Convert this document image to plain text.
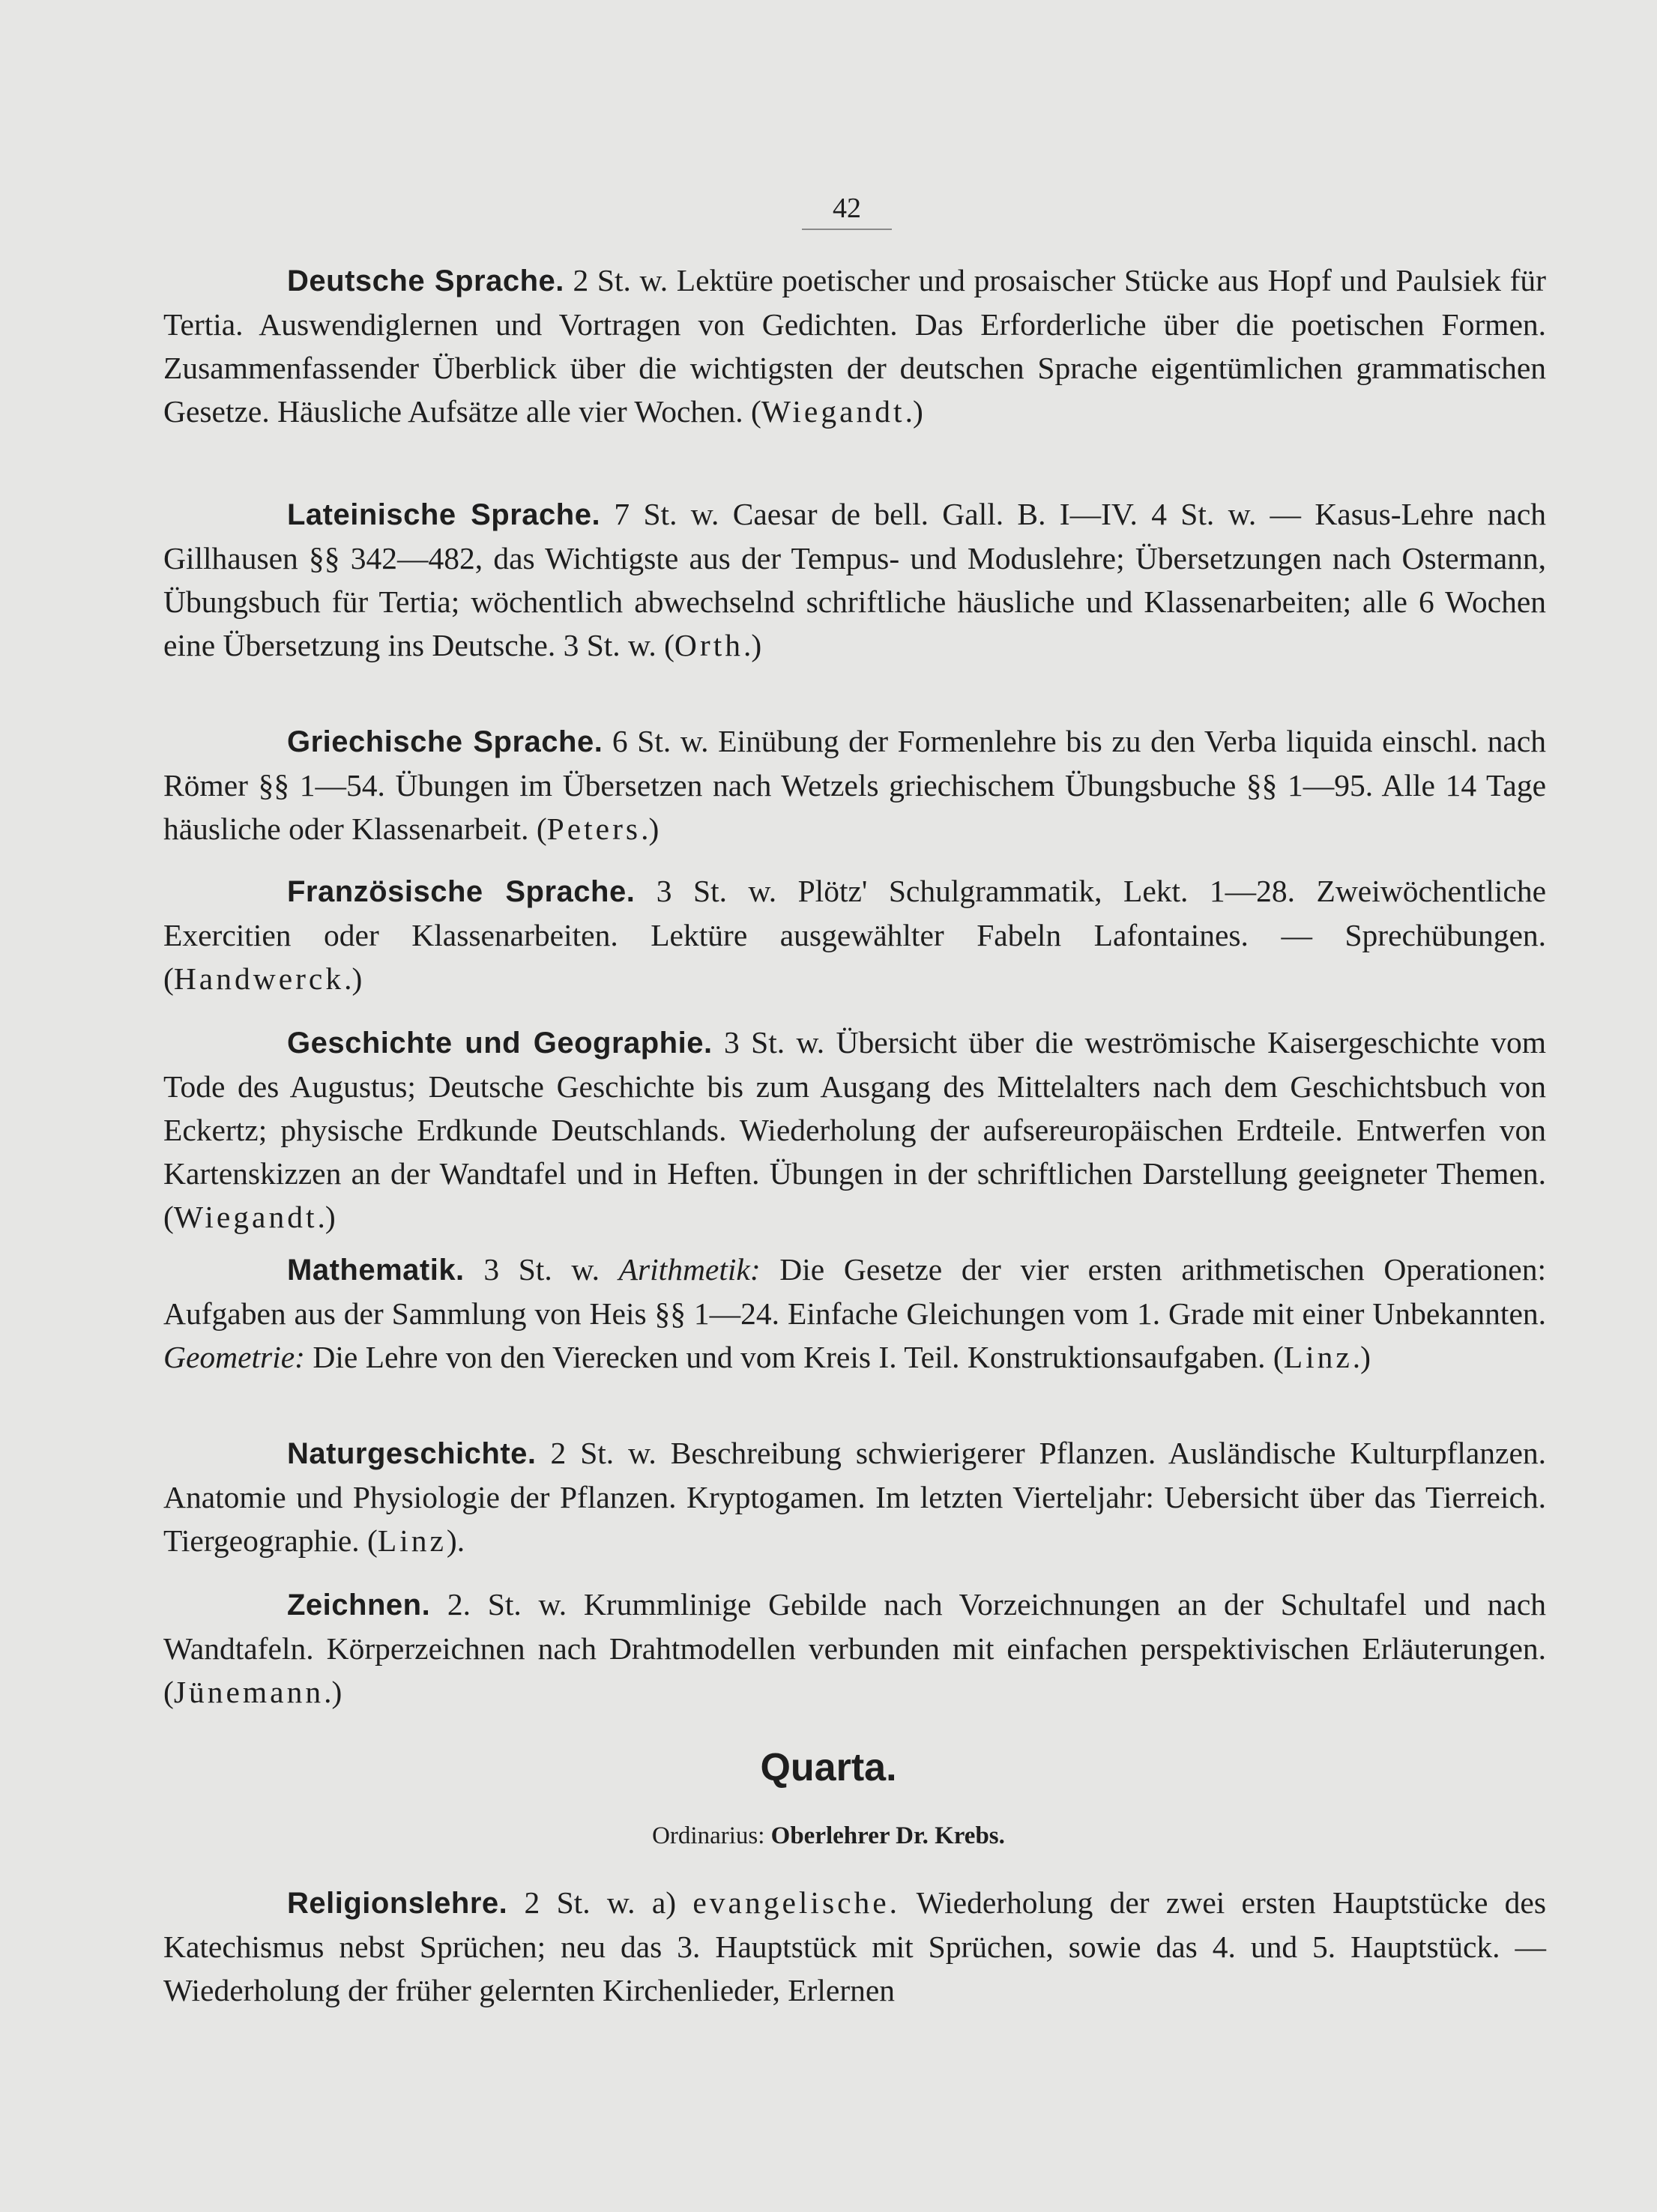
42

Deutsche Sprache. 2 St. w. Lektüre poetischer und prosaischer Stücke aus Hopf und Paulsiek für Tertia. Auswendiglernen und Vortragen von Gedichten. Das Erforderliche über die poetischen Formen. Zusammenfassender Überblick über die wichtigsten der deutschen Sprache eigentümlichen grammatischen Gesetze. Häusliche Aufsätze alle vier Wochen. (Wiegandt.)

Lateinische Sprache. 7 St. w. Caesar de bell. Gall. B. I—IV. 4 St. w. — Kasus-Lehre nach Gillhausen §§ 342—482, das Wichtigste aus der Tempus- und Moduslehre; Übersetzungen nach Ostermann, Übungsbuch für Tertia; wöchentlich abwechselnd schriftliche häusliche und Klassenarbeiten; alle 6 Wochen eine Übersetzung ins Deutsche. 3 St. w. (Orth.)

Griechische Sprache. 6 St. w. Einübung der Formenlehre bis zu den Verba liquida einschl. nach Römer §§ 1—54. Übungen im Übersetzen nach Wetzels griechischem Übungsbuche §§ 1—95. Alle 14 Tage häusliche oder Klassenarbeit. (Peters.)

Französische Sprache. 3 St. w. Plötz' Schulgrammatik, Lekt. 1—28. Zweiwöchentliche Exercitien oder Klassenarbeiten. Lektüre ausgewählter Fabeln Lafontaines. — Sprechübungen. (Handwerck.)

Geschichte und Geographie. 3 St. w. Übersicht über die weströmische Kaisergeschichte vom Tode des Augustus; Deutsche Geschichte bis zum Ausgang des Mittelalters nach dem Geschichtsbuch von Eckertz; physische Erdkunde Deutschlands. Wiederholung der aufsereuropäischen Erdteile. Entwerfen von Kartenskizzen an der Wandtafel und in Heften. Übungen in der schriftlichen Darstellung geeigneter Themen. (Wiegandt.)

Mathematik. 3 St. w. Arithmetik: Die Gesetze der vier ersten arithmetischen Operationen: Aufgaben aus der Sammlung von Heis §§ 1—24. Einfache Gleichungen vom 1. Grade mit einer Unbekannten. Geometrie: Die Lehre von den Vierecken und vom Kreis I. Teil. Konstruktionsaufgaben. (Linz.)

Naturgeschichte. 2 St. w. Beschreibung schwierigerer Pflanzen. Ausländische Kulturpflanzen. Anatomie und Physiologie der Pflanzen. Kryptogamen. Im letzten Vierteljahr: Uebersicht über das Tierreich. Tiergeographie. (Linz).

Zeichnen. 2. St. w. Krummlinige Gebilde nach Vorzeichnungen an der Schultafel und nach Wandtafeln. Körperzeichnen nach Drahtmodellen verbunden mit einfachen perspektivischen Erläuterungen. (Jünemann.)

Quarta.
Ordinarius: Oberlehrer Dr. Krebs.

Religionslehre. 2 St. w. a) evangelische. Wiederholung der zwei ersten Hauptstücke des Katechismus nebst Sprüchen; neu das 3. Hauptstück mit Sprüchen, sowie das 4. und 5. Hauptstück. — Wiederholung der früher gelernten Kirchenlieder, Erlernen
